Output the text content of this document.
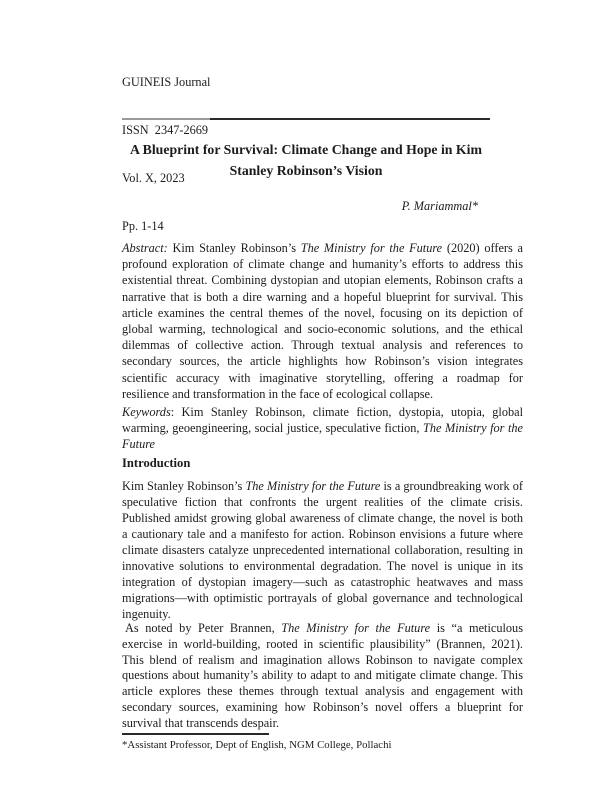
GUINEIS Journal

ISSN  2347-2669

Vol. X, 2023

Pp. 1-14

A Blueprint for Survival: Climate Change and Hope in Kim Stanley Robinson’s Vision
P. Mariammal*

Abstract: Kim Stanley Robinson’s The Ministry for the Future (2020) offers a profound exploration of climate change and humanity’s efforts to address this existential threat. Combining dystopian and utopian elements, Robinson crafts a narrative that is both a dire warning and a hopeful blueprint for survival. This article examines the central themes of the novel, focusing on its depiction of global warming, technological and socio-economic solutions, and the ethical dilemmas of collective action. Through textual analysis and references to secondary sources, the article highlights how Robinson’s vision integrates scientific accuracy with imaginative storytelling, offering a roadmap for resilience and transformation in the face of ecological collapse.

Keywords: Kim Stanley Robinson, climate fiction, dystopia, utopia, global warming, geoengineering, social justice, speculative fiction, The Ministry for the Future

Introduction

Kim Stanley Robinson’s The Ministry for the Future is a groundbreaking work of speculative fiction that confronts the urgent realities of the climate crisis. Published amidst growing global awareness of climate change, the novel is both a cautionary tale and a manifesto for action. Robinson envisions a future where climate disasters catalyze unprecedented international collaboration, resulting in innovative solutions to environmental degradation. The novel is unique in its integration of dystopian imagery—such as catastrophic heatwaves and mass migrations—with optimistic portrayals of global governance and technological ingenuity.

As noted by Peter Brannen, The Ministry for the Future is “a meticulous exercise in world-building, rooted in scientific plausibility” (Brannen, 2021). This blend of realism and imagination allows Robinson to navigate complex questions about humanity’s ability to adapt to and mitigate climate change. This article explores these themes through textual analysis and engagement with secondary sources, examining how Robinson’s novel offers a blueprint for survival that transcends despair.

*Assistant Professor, Dept of English, NGM College, Pollachi
